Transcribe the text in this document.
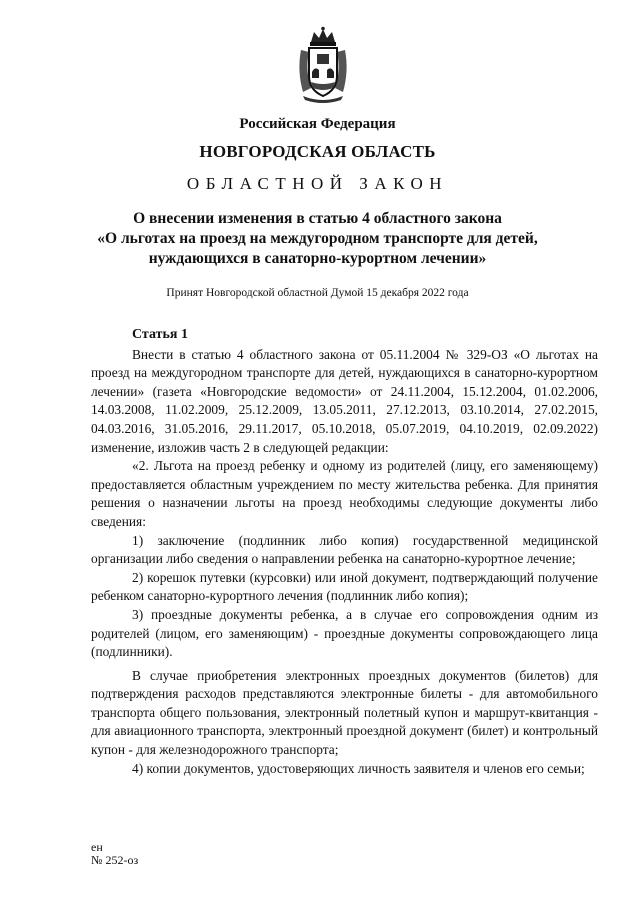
Российская Федерация
НОВГОРОДСКАЯ ОБЛАСТЬ
ОБЛАСТНОЙ ЗАКОН
О внесении изменения в статью 4 областного закона
«О льготах на проезд на междугородном транспорте для детей,
нуждающихся в санаторно-курортном лечении»
Принят Новгородской областной Думой 15 декабря 2022 года
Статья 1

Внести в статью 4 областного закона от 05.11.2004 № 329-ОЗ «О льготах на проезд на междугородном транспорте для детей, нуждающихся в санаторно-курортном лечении» (газета «Новгородские ведомости» от 24.11.2004, 15.12.2004, 01.02.2006, 14.03.2008, 11.02.2009, 25.12.2009, 13.05.2011, 27.12.2013, 03.10.2014, 27.02.2015, 04.03.2016, 31.05.2016, 29.11.2017, 05.10.2018, 05.07.2019, 04.10.2019, 02.09.2022) изменение, изложив часть 2 в следующей редакции:

«2. Льгота на проезд ребенку и одному из родителей (лицу, его заменяющему) предоставляется областным учреждением по месту жительства ребенка. Для принятия решения о назначении льготы на проезд необходимы следующие документы либо сведения:

1) заключение (подлинник либо копия) государственной медицинской организации либо сведения о направлении ребенка на санаторно-курортное лечение;

2) корешок путевки (курсовки) или иной документ, подтверждающий получение ребенком санаторно-курортного лечения (подлинник либо копия);

3) проездные документы ребенка, а в случае его сопровождения одним из родителей (лицом, его заменяющим) - проездные документы сопровождающего лица (подлинники).

В случае приобретения электронных проездных документов (билетов) для подтверждения расходов представляются электронные билеты - для автомобильного транспорта общего пользования, электронный полетный купон и маршрут-квитанция - для авиационного транспорта, электронный проездной документ (билет) и контрольный купон - для железнодорожного транспорта;

4) копии документов, удостоверяющих личность заявителя и членов его семьи;

ен
№ 252-оз
